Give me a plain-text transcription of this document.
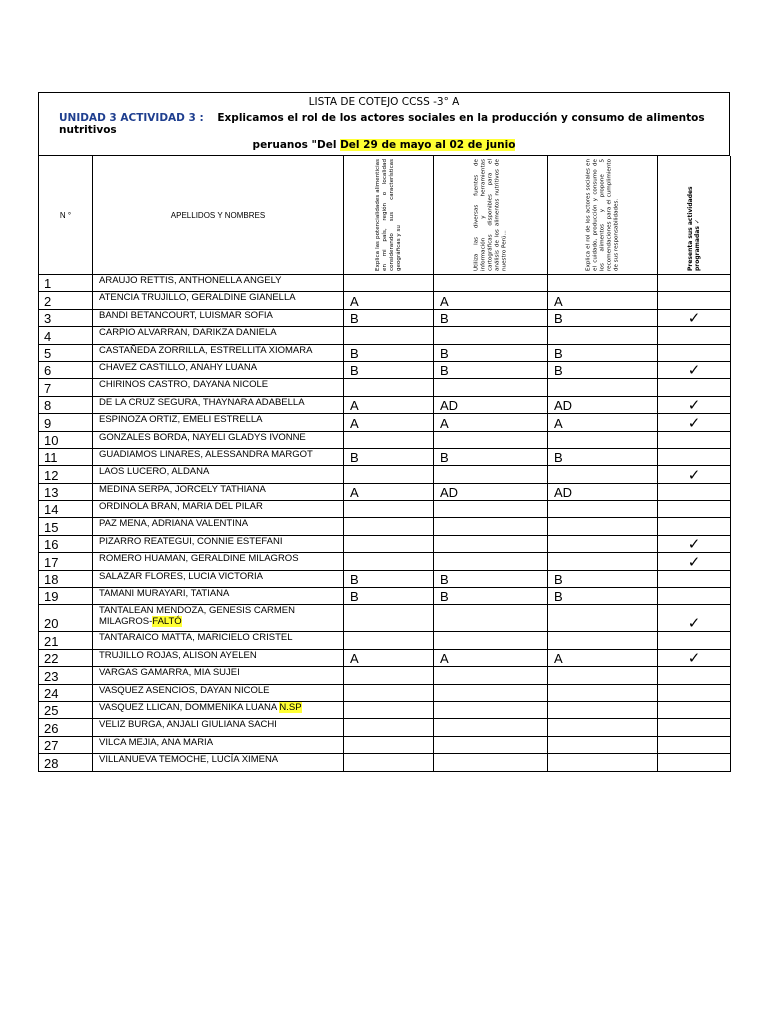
LISTA DE COTEJO CCSS -3° A
UNIDAD 3 ACTIVIDAD 3 : Explicamos el rol de los actores sociales en la producción y consumo de alimentos nutritivos
peruanos "Del Del 29 de mayo al 02 de junio
N °	APELLIDOS Y NOMBRES	Explica las potencialidades alimenticias en mi país, región o localidad considerando sus características geográficas y su	Utiliza las diversas fuentes de información y herramientas cartográficas disponibles para el análisis de los alimentos nutritivos de nuestro Perú...	Explica el rol de los actores sociales en el cuidado, producción y consumo de los alimentos y propone 5 recomendaciones para el cumplimiento de sus responsabilidades.	Presenta sus actividades programadas ✓

1	ARAUJO RETTIS, ANTHONELLA ANGELY				
2	ATENCIA TRUJILLO, GERALDINE GIANELLA	A	A	A	
3	BANDI BETANCOURT, LUISMAR SOFIA	B	B	B	✓
4	CARPIO ALVARRAN, DARIKZA DANIELA				
5	CASTAÑEDA ZORRILLA, ESTRELLITA XIOMARA	B	B	B	
6	CHAVEZ CASTILLO, ANAHY LUANA	B	B	B	✓
7	CHIRINOS CASTRO, DAYANA NICOLE				
8	DE LA CRUZ SEGURA, THAYNARA ADABELLA	A	AD	AD	✓
9	ESPINOZA ORTIZ, EMELI ESTRELLA	A	A	A	✓
10	GONZALES BORDA, NAYELI GLADYS IVONNE				
11	GUADIAMOS LINARES, ALESSANDRA MARGOT	B	B	B	
12	LAOS LUCERO, ALDANA				✓
13	MEDINA SERPA, JORCELY TATHIANA	A	AD	AD	
14	ORDINOLA BRAN, MARIA DEL PILAR				
15	PAZ MENA, ADRIANA VALENTINA				
16	PIZARRO REATEGUI, CONNIE ESTEFANI				✓
17	ROMERO HUAMAN, GERALDINE MILAGROS				✓
18	SALAZAR FLORES, LUCIA VICTORIA	B	B	B	
19	TAMANI MURAYARI, TATIANA	B	B	B	
20	TANTALEAN MENDOZA, GENESIS CARMEN MILAGROS-FALTÓ				✓
21	TANTARAICO MATTA, MARICIELO CRISTEL				
22	TRUJILLO ROJAS, ALISON AYELEN	A	A	A	✓
23	VARGAS GAMARRA, MIA SUJEI				
24	VASQUEZ ASENCIOS, DAYAN NICOLE				
25	VASQUEZ LLICAN, DOMMENIKA LUANA N.SP				
26	VELIZ BURGA, ANJALI GIULIANA SACHI				
27	VILCA MEJIA, ANA MARIA				
28	VILLANUEVA TEMOCHE, LUCÍA XIMENA				
